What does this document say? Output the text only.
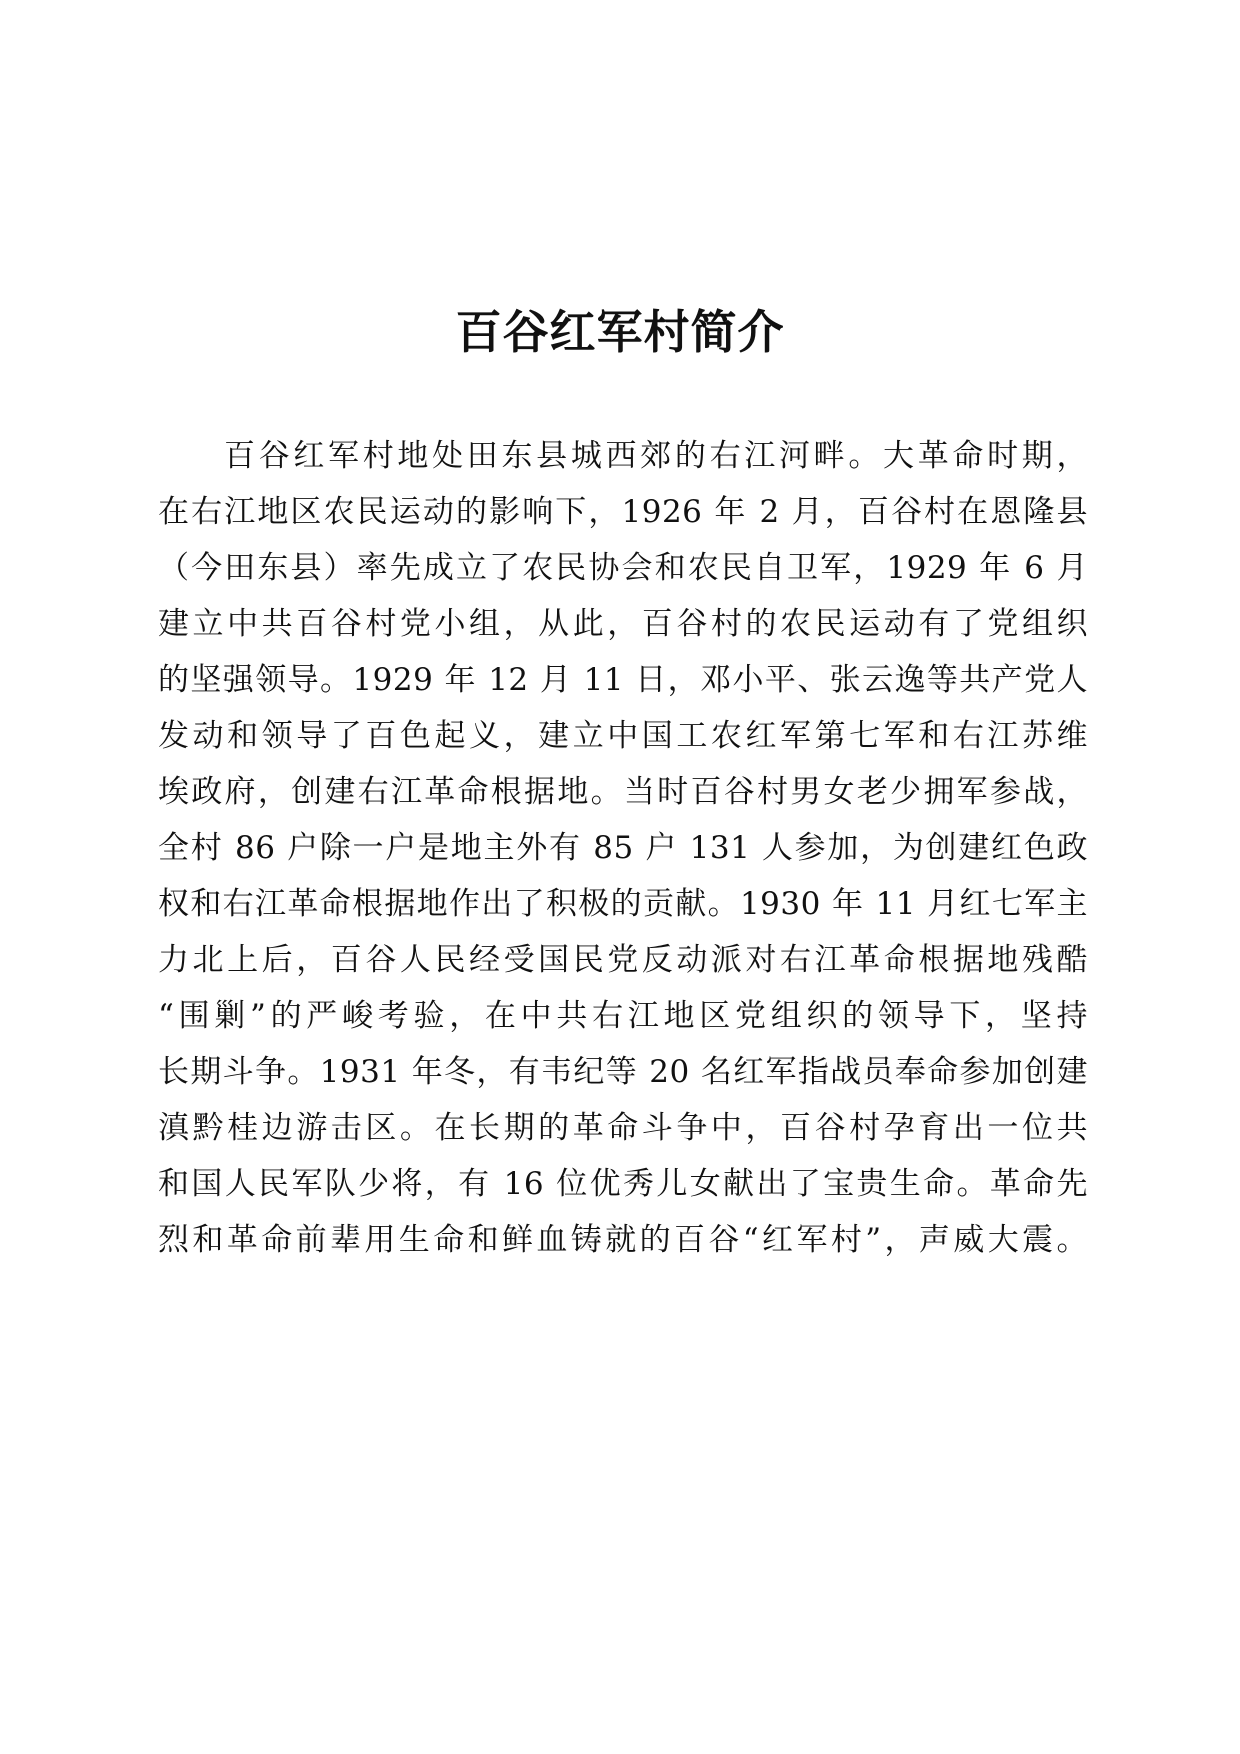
百谷红军村简介
百谷红军村地处田东县城西郊的右江河畔。大革命时期，
在右江地区农民运动的影响下，1926 年 2 月，百谷村在恩隆县
（今田东县）率先成立了农民协会和农民自卫军，1929 年 6 月
建立中共百谷村党小组，从此，百谷村的农民运动有了党组织
的坚强领导。1929 年 12 月 11 日，邓小平、张云逸等共产党人
发动和领导了百色起义，建立中国工农红军第七军和右江苏维
埃政府，创建右江革命根据地。当时百谷村男女老少拥军参战，
全村 86 户除一户是地主外有 85 户 131 人参加，为创建红色政
权和右江革命根据地作出了积极的贡献。1930 年 11 月红七军主
力北上后，百谷人民经受国民党反动派对右江革命根据地残酷
“围剿”的严峻考验，在中共右江地区党组织的领导下，坚持
长期斗争。1931 年冬，有韦纪等 20 名红军指战员奉命参加创建
滇黔桂边游击区。在长期的革命斗争中，百谷村孕育出一位共
和国人民军队少将，有 16 位优秀儿女献出了宝贵生命。革命先
烈和革命前辈用生命和鲜血铸就的百谷“红军村”，声威大震。
